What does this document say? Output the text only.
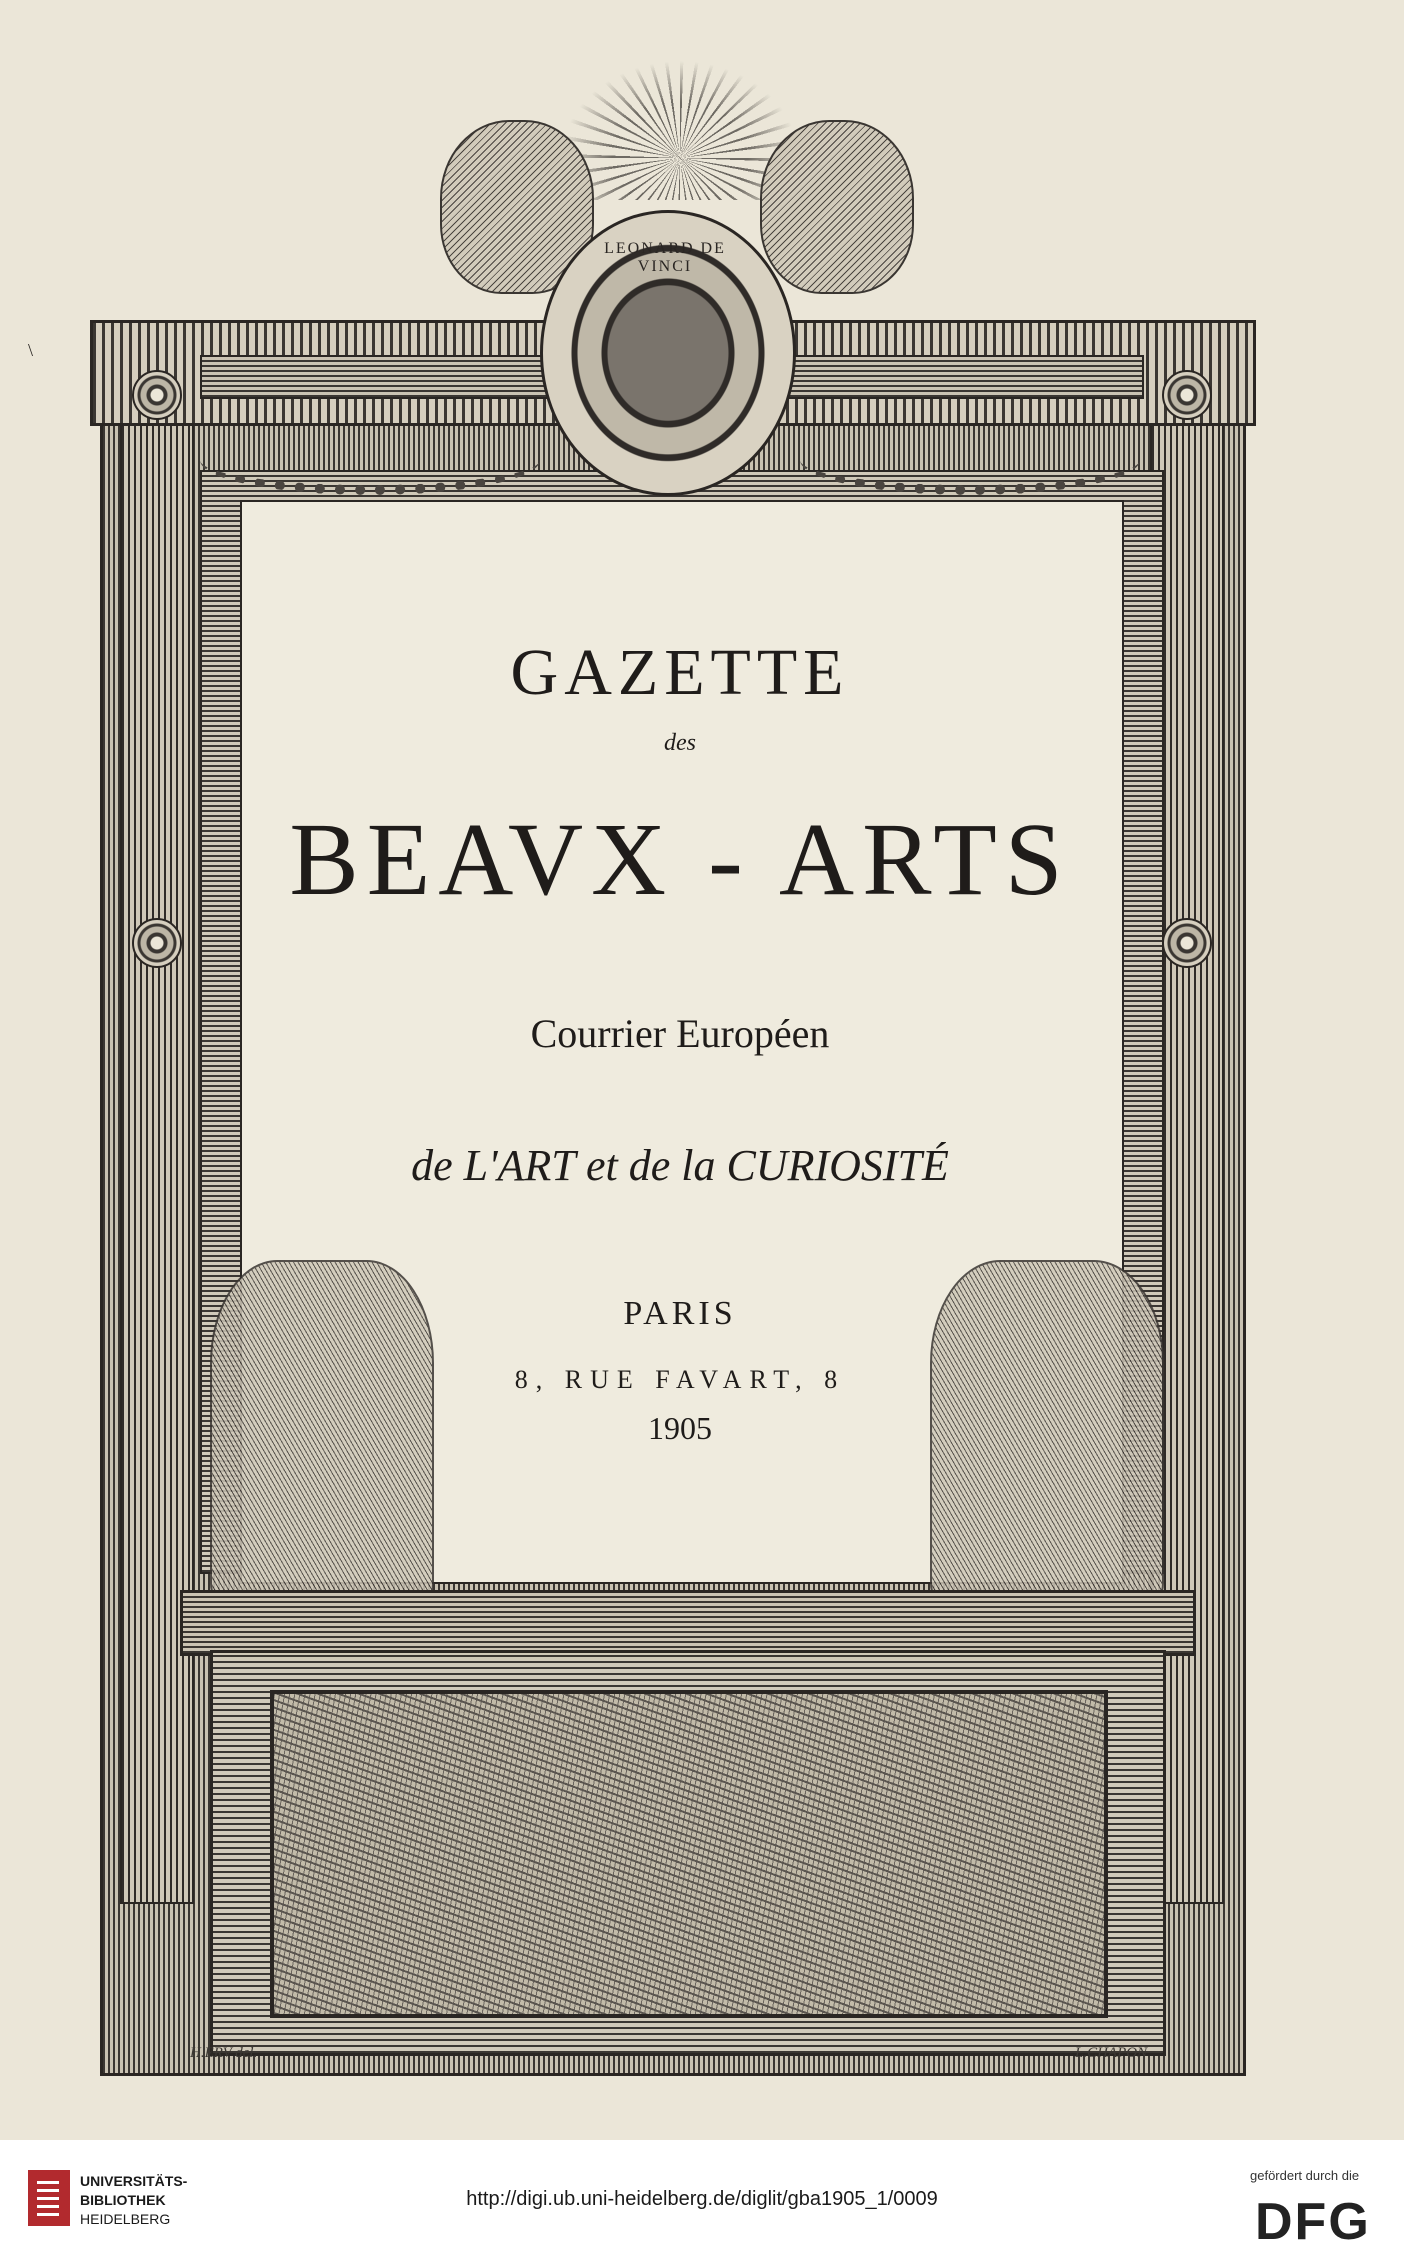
\
LEONARD DE VINCI
GAZETTE
des
BEAVX - ARTS
Courrier Européen
de L'ART et de la CURIOSITÉ
PARIS
8, RUE FAVART, 8
1905
H.ERV del.	L.CHAPON
UNIVERSITÄTS-
BIBLIOTHEK
HEIDELBERG
http://digi.ub.uni-heidelberg.de/diglit/gba1905_1/0009
gefördert durch die
DFG
